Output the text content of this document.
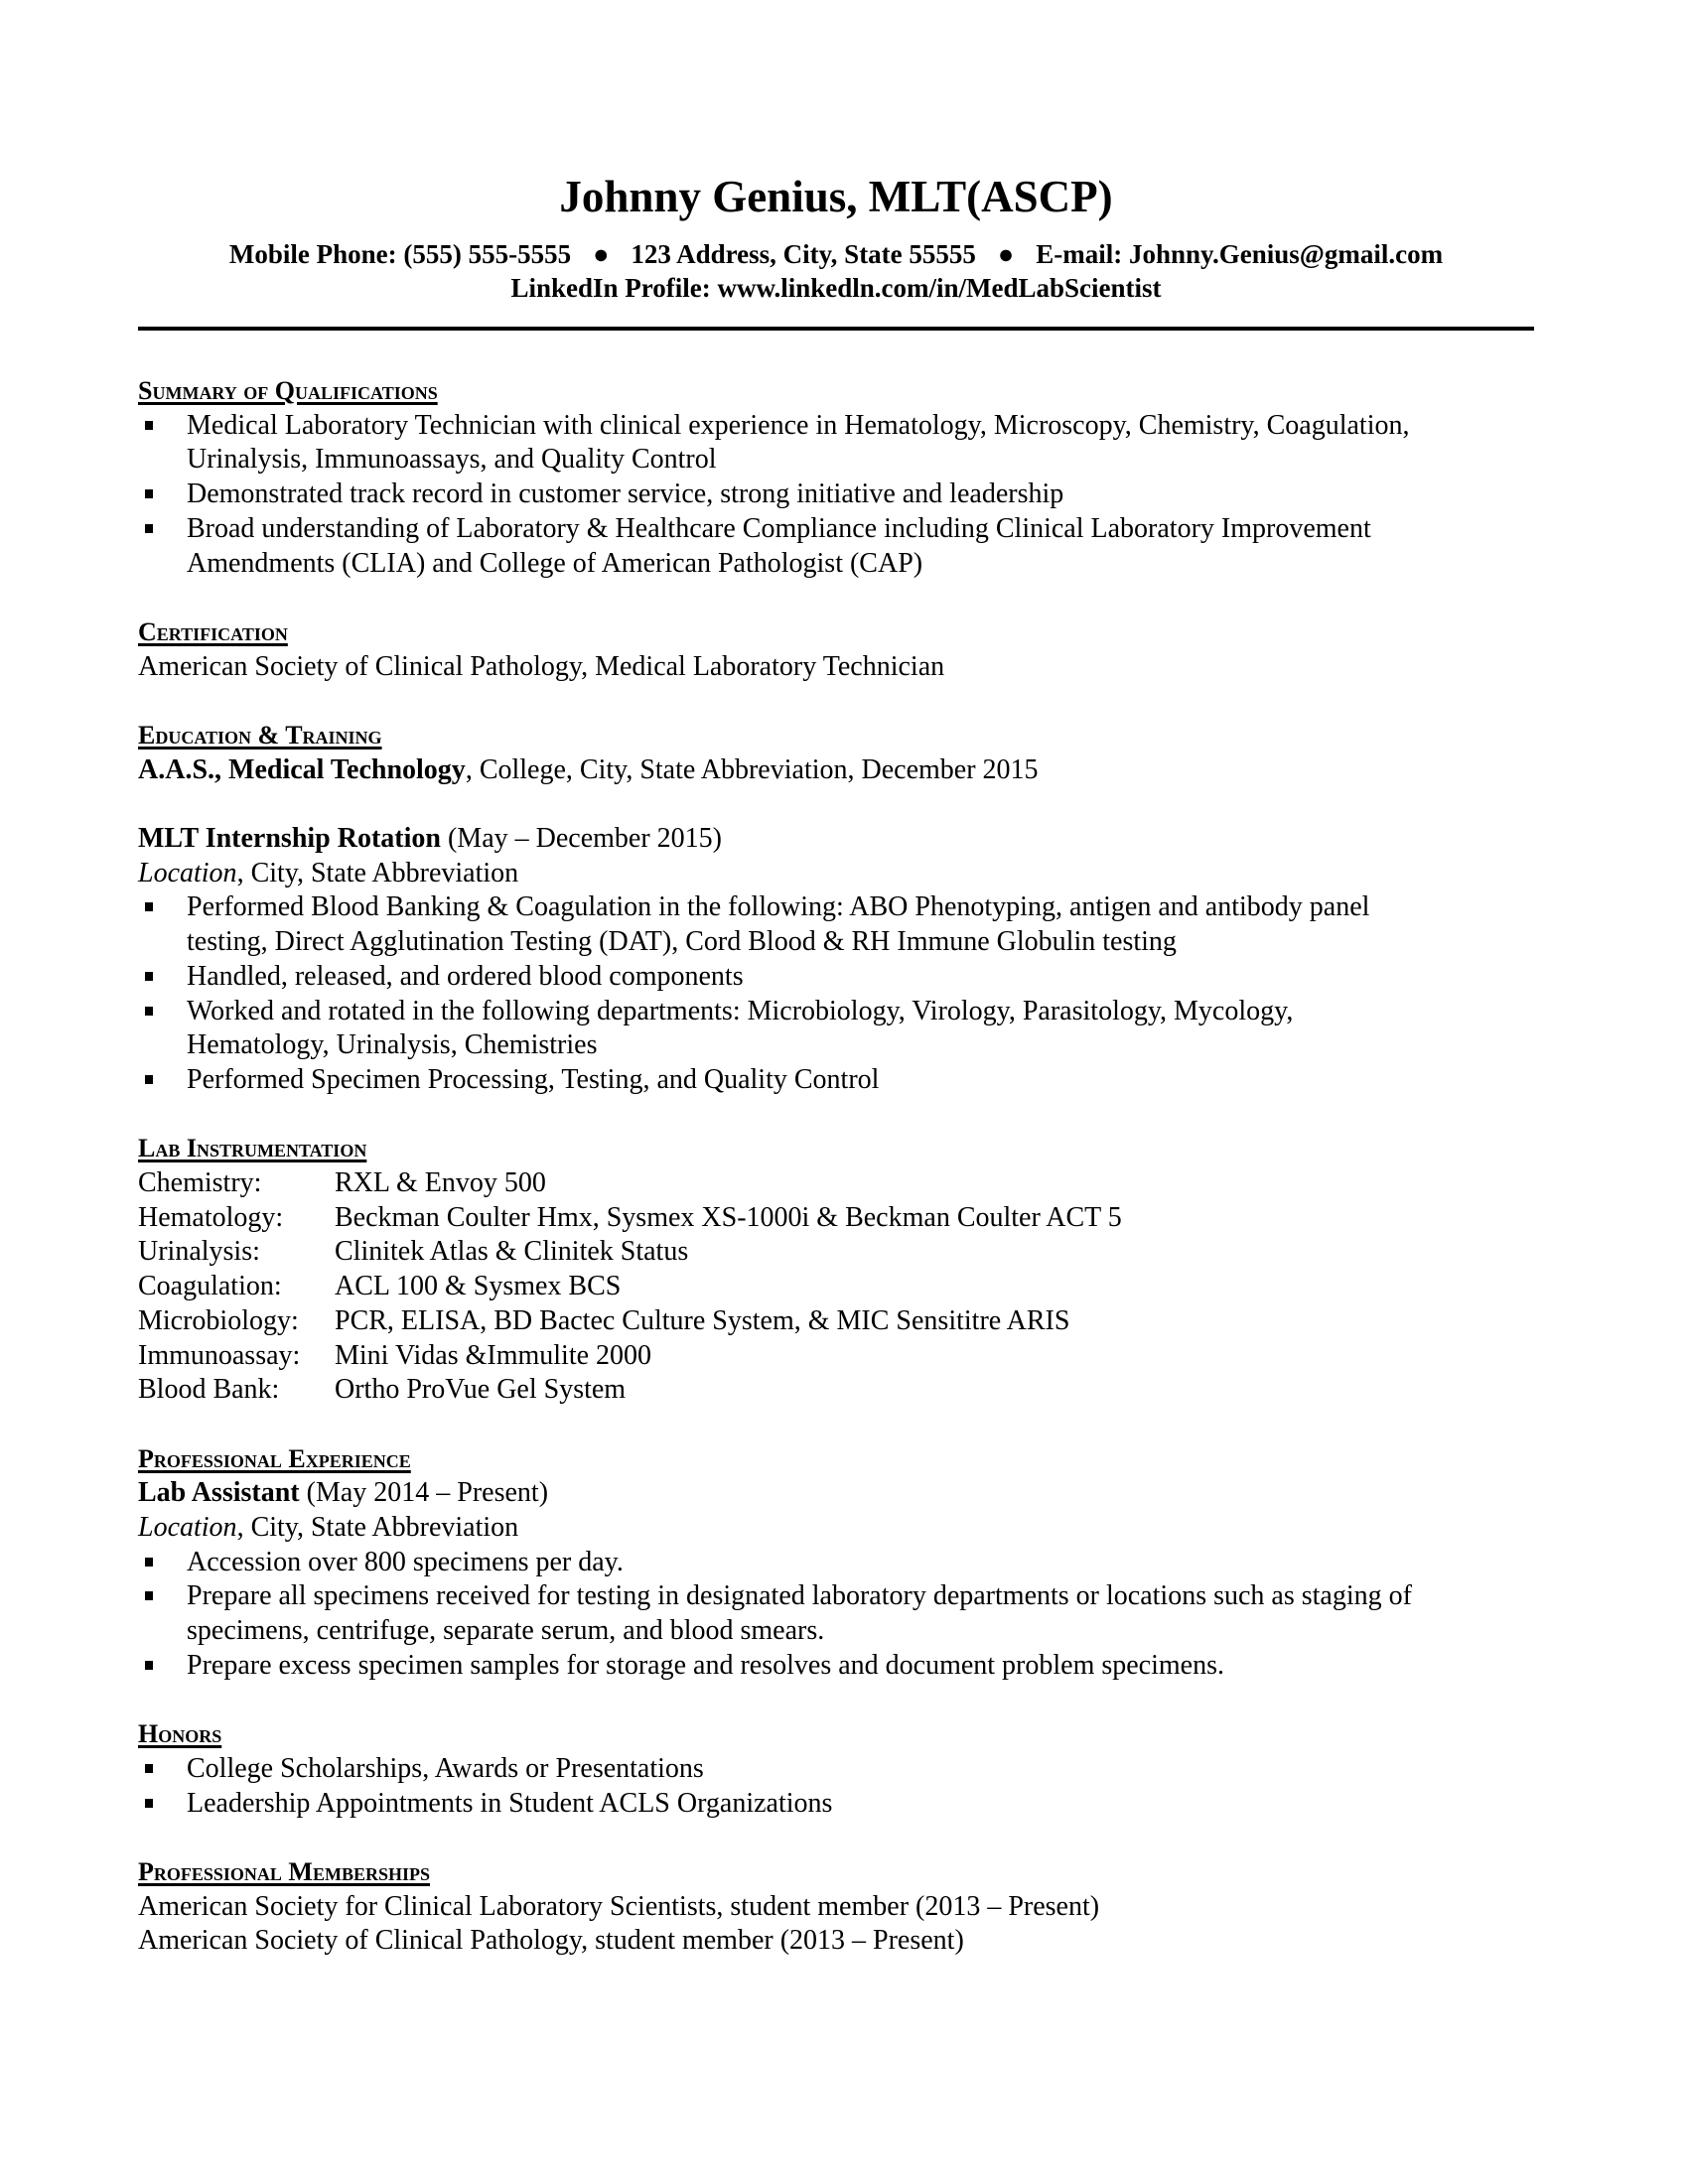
Johnny Genius, MLT(ASCP)
Mobile Phone: (555) 555-5555 ● 123 Address, City, State 55555 ● E-mail: Johnny.Genius@gmail.com
LinkedIn Profile: www.linkedln.com/in/MedLabScientist
Summary of Qualifications
Medical Laboratory Technician with clinical experience in Hematology, Microscopy, Chemistry, Coagulation,
Urinalysis, Immunoassays, and Quality Control
Demonstrated track record in customer service, strong initiative and leadership
Broad understanding of Laboratory & Healthcare Compliance including Clinical Laboratory Improvement
Amendments (CLIA) and College of American Pathologist (CAP)
Certification
American Society of Clinical Pathology, Medical Laboratory Technician
Education & Training
A.A.S., Medical Technology, College, City, State Abbreviation, December 2015
MLT Internship Rotation (May – December 2015)
Location, City, State Abbreviation
Performed Blood Banking & Coagulation in the following: ABO Phenotyping, antigen and antibody panel
testing, Direct Agglutination Testing (DAT), Cord Blood & RH Immune Globulin testing
Handled, released, and ordered blood components
Worked and rotated in the following departments: Microbiology, Virology, Parasitology, Mycology,
Hematology, Urinalysis, Chemistries
Performed Specimen Processing, Testing, and Quality Control
Lab Instrumentation
Chemistry:	RXL & Envoy 500
Hematology:	Beckman Coulter Hmx, Sysmex XS-1000i & Beckman Coulter ACT 5
Urinalysis:	Clinitek Atlas & Clinitek Status
Coagulation:	ACL 100 & Sysmex BCS
Microbiology:	PCR, ELISA, BD Bactec Culture System, & MIC Sensititre ARIS
Immunoassay:	Mini Vidas &Immulite 2000
Blood Bank:	Ortho ProVue Gel System
Professional Experience
Lab Assistant (May 2014 – Present)
Location, City, State Abbreviation
Accession over 800 specimens per day.
Prepare all specimens received for testing in designated laboratory departments or locations such as staging of
specimens, centrifuge, separate serum, and blood smears.
Prepare excess specimen samples for storage and resolves and document problem specimens.
Honors
College Scholarships, Awards or Presentations
Leadership Appointments in Student ACLS Organizations
Professional Memberships
American Society for Clinical Laboratory Scientists, student member (2013 – Present)
American Society of Clinical Pathology, student member (2013 – Present)
